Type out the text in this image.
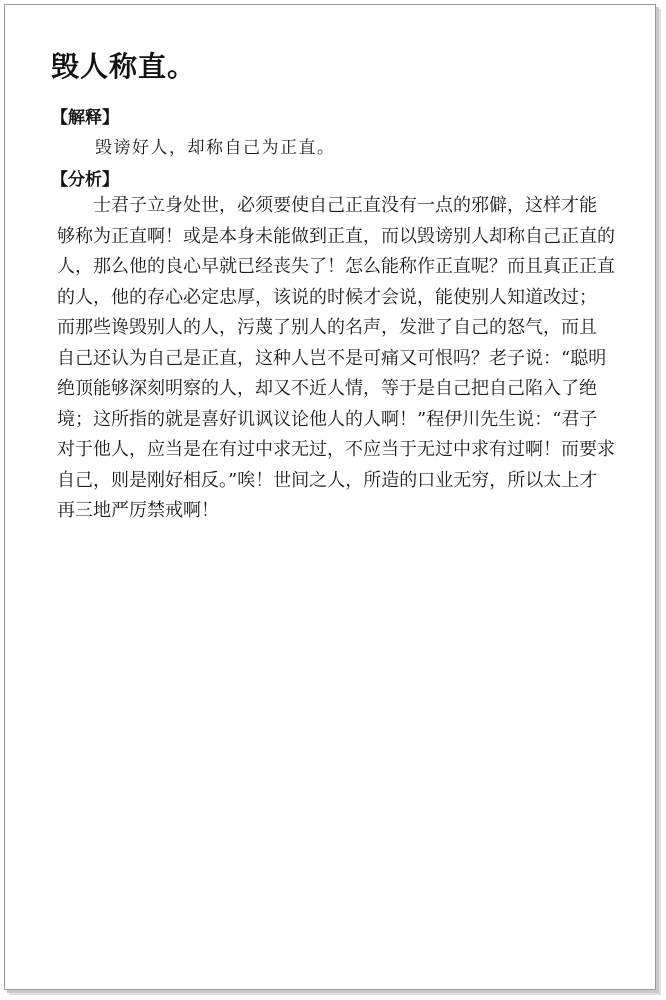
毁人称直。
【解释】

毁谤好人，却称自己为正直。

【分析】
士君子立身处世，必须要使自己正直没有一点的邪僻，这样才能
够称为正直啊！或是本身未能做到正直，而以毁谤别人却称自己正直的
人，那么他的良心早就已经丧失了！怎么能称作正直呢？而且真正正直
的人，他的存心必定忠厚，该说的时候才会说，能使别人知道改过；
而那些谗毁别人的人，污蔑了别人的名声，发泄了自己的怒气，而且
自己还认为自己是正直，这种人岂不是可痛又可恨吗？老子说：“聪明
绝顶能够深刻明察的人，却又不近人情，等于是自己把自己陷入了绝
境；这所指的就是喜好讥讽议论他人的人啊！”程伊川先生说：“君子
对于他人，应当是在有过中求无过，不应当于无过中求有过啊！而要求
自己，则是刚好相反。”唉！世间之人，所造的口业无穷，所以太上才
再三地严厉禁戒啊！
